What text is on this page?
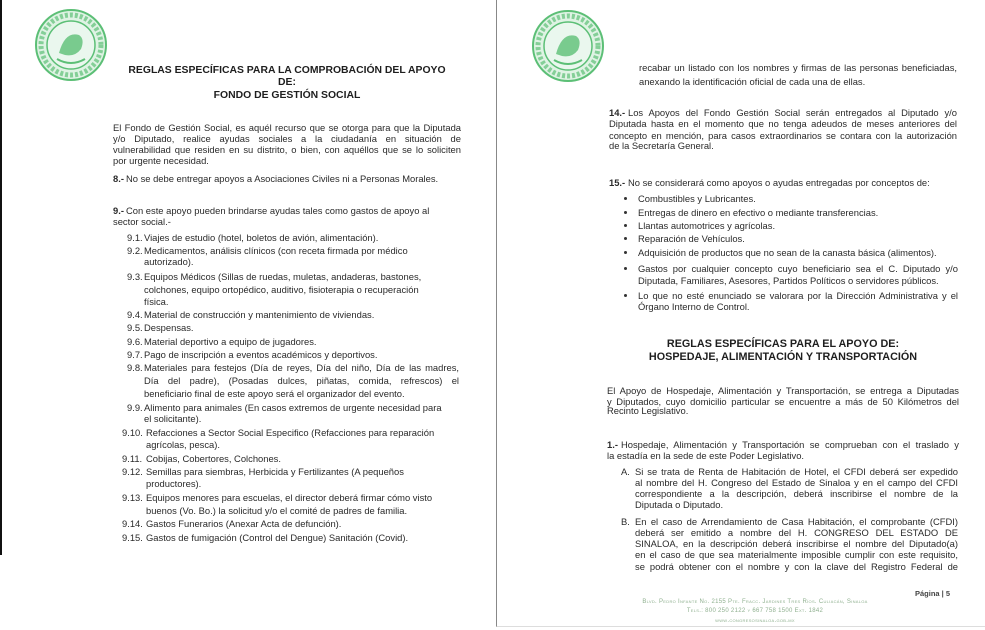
REGLAS ESPECÍFICAS PARA LA COMPROBACIÓN DEL APOYO
DE:
FONDO DE GESTIÓN SOCIAL
El Fondo de Gestión Social, es aquél recurso que se otorga para que la Diputada
y/o Diputado, realice ayudas sociales a la ciudadanía en situación de
vulnerabilidad que residen en su distrito, o bien, con aquéllos que se lo soliciten
por urgente necesidad.
8.- No se debe entregar apoyos a Asociaciones Civiles ni a Personas Morales.
9.- Con este apoyo pueden brindarse ayudas tales como gastos de apoyo al
sector social.-
9.1. Viajes de estudio (hotel, boletos de avión, alimentación).
9.2. Medicamentos, análisis clínicos (con receta firmada por médico
autorizado).
9.3. Equipos Médicos (Sillas de ruedas, muletas, andaderas, bastones,
colchones, equipo ortopédico, auditivo, fisioterapia o recuperación
física.
9.4. Material de construcción y mantenimiento de viviendas.
9.5. Despensas.
9.6. Material deportivo a equipo de jugadores.
9.7. Pago de inscripción a eventos académicos y deportivos.
9.8. Materiales para festejos (Día de reyes, Día del niño, Día de las madres,
Día del padre), (Posadas dulces, piñatas, comida, refrescos) el
beneficiario final de este apoyo será el organizador del evento.
9.9. Alimento para animales (En casos extremos de urgente necesidad para
el solicitante).
9.10. Refacciones a Sector Social Especifico (Refacciones para reparación
agrícolas, pesca).
9.11. Cobijas, Cobertores, Colchones.
9.12. Semillas para siembras, Herbicida y Fertilizantes (A pequeños
productores).
9.13. Equipos menores para escuelas, el director deberá firmar cómo visto
buenos (Vo. Bo.) la solicitud y/o el comité de padres de familia.
9.14. Gastos Funerarios (Anexar Acta de defunción).
9.15. Gastos de fumigación (Control del Dengue) Sanitación (Covid).
recabar un listado con los nombres y firmas de las personas beneficiadas,
anexando la identificación oficial de cada una de ellas.
14.- Los Apoyos del Fondo Gestión Social serán entregados al Diputado y/o
Diputada hasta en el momento que no tenga adeudos de meses anteriores del
concepto en mención, para casos extraordinarios se contara con la autorización
de la Secretaría General.
15.- No se considerará como apoyos o ayudas entregadas por conceptos de:
Combustibles y Lubricantes.
Entregas de dinero en efectivo o mediante transferencias.
Llantas automotrices y agrícolas.
Reparación de Vehículos.
Adquisición de productos que no sean de la canasta básica (alimentos).
Gastos por cualquier concepto cuyo beneficiario sea el C. Diputado y/o
Diputada, Familiares, Asesores, Partidos Políticos o servidores públicos.
Lo que no esté enunciado se valorara por la Dirección Administrativa y el
Órgano Interno de Control.
REGLAS ESPECÍFICAS PARA EL APOYO DE:
HOSPEDAJE, ALIMENTACIÓN Y TRANSPORTACIÓN
El Apoyo de Hospedaje, Alimentación y Transportación, se entrega a Diputadas
y Diputados, cuyo domicilio particular se encuentre a más de 50 Kilómetros del
Recinto Legislativo.
1.- Hospedaje, Alimentación y Transportación se comprueban con el traslado y
la estadía en la sede de este Poder Legislativo.
A. Si se trata de Renta de Habitación de Hotel, el CFDI deberá ser expedido
al nombre del H. Congreso del Estado de Sinaloa y en el campo del CFDI
correspondiente a la descripción, deberá inscribirse el nombre de la
Diputada o Diputado.
B. En el caso de Arrendamiento de Casa Habitación, el comprobante (CFDI)
deberá ser emitido a nombre del H. CONGRESO DEL ESTADO DE
SINALOA, en la descripción deberá inscribirse el nombre del Diputado(a)
en el caso de que sea materialmente imposible cumplir con este requisito,
se podrá obtener con el nombre y con la clave del Registro Federal de
Página | 5
Blvd. Pedro Infante No. 2155 Pte. Fracc. Jardines Tres Ríos. Culiacán, Sinaloa
Tels.: 800 250 2122 y 667 758 1500 Ext. 1842
www.congresosinaloa.gob.mx
